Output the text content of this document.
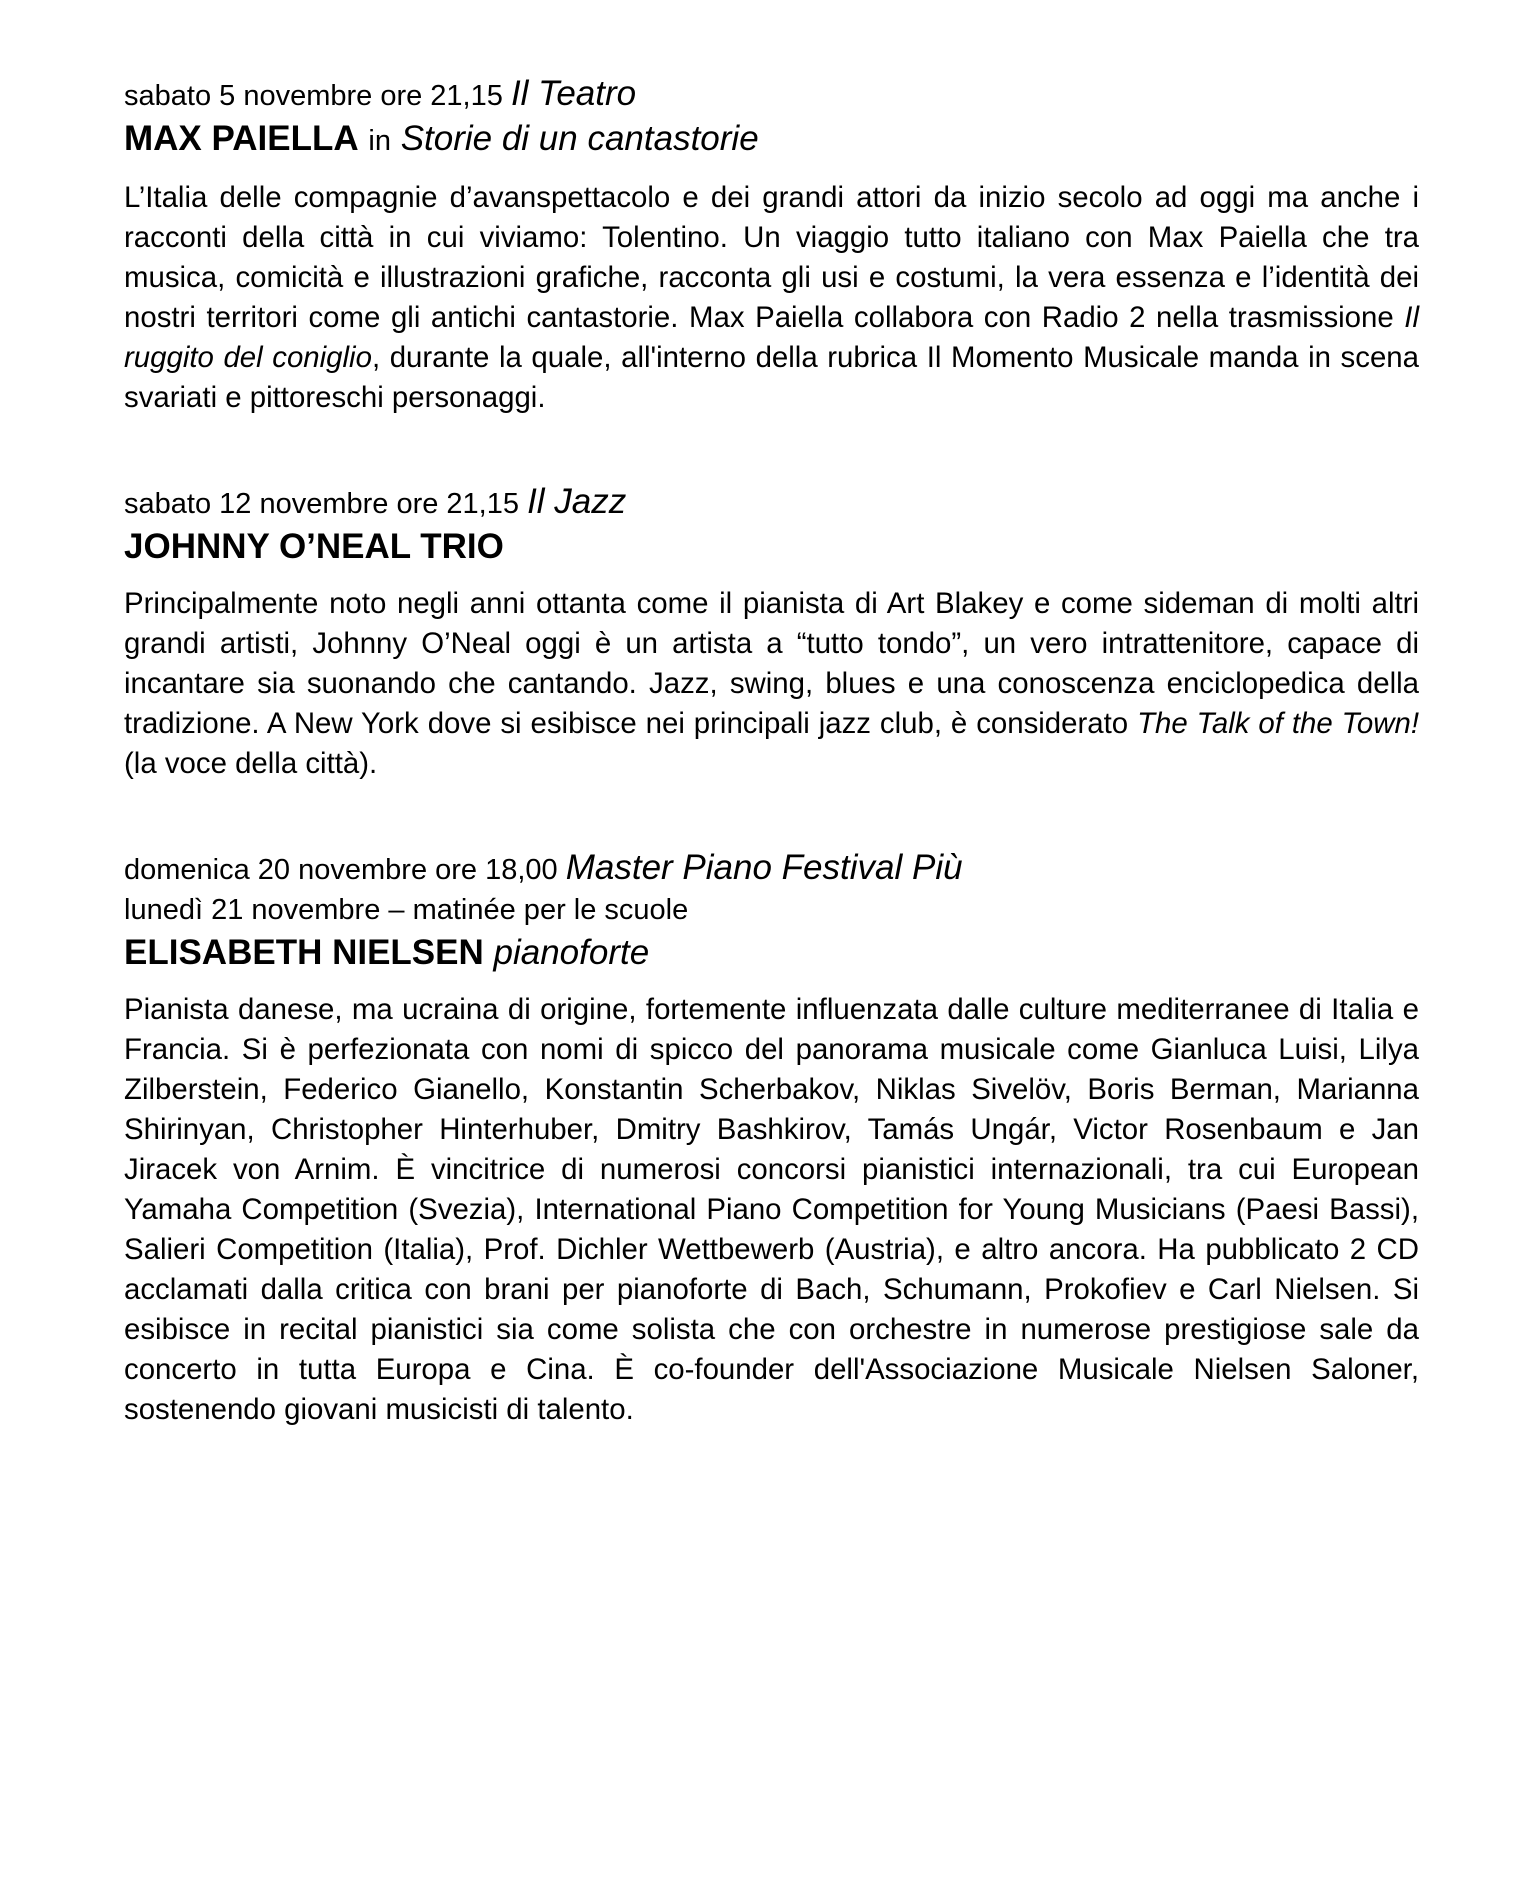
sabato 5 novembre ore 21,15 Il Teatro

MAX PAIELLA in Storie di un cantastorie

L’Italia delle compagnie d’avanspettacolo e dei grandi attori da inizio secolo ad oggi ma anche i racconti della città in cui viviamo: Tolentino. Un viaggio tutto italiano con Max Paiella che tra musica, comicità e illustrazioni grafiche, racconta gli usi e costumi, la vera essenza e l’identità dei nostri territori come gli antichi cantastorie. Max Paiella collabora con Radio 2 nella trasmissione Il ruggito del coniglio, durante la quale, all'interno della rubrica Il Momento Musicale manda in scena svariati e pittoreschi personaggi.

sabato 12 novembre ore 21,15 Il Jazz

JOHNNY O’NEAL TRIO

Principalmente noto negli anni ottanta come il pianista di Art Blakey e come sideman di molti altri grandi artisti, Johnny O’Neal oggi è un artista a “tutto tondo”, un vero intrattenitore, capace di incantare sia suonando che cantando. Jazz, swing, blues e una conoscenza enciclopedica della tradizione. A New York dove si esibisce nei principali jazz club, è considerato The Talk of the Town! (la voce della città).

domenica 20 novembre ore 18,00 Master Piano Festival Più

lunedì 21 novembre – matinée per le scuole

ELISABETH NIELSEN pianoforte

Pianista danese, ma ucraina di origine, fortemente influenzata dalle culture mediterranee di Italia e Francia. Si è perfezionata con nomi di spicco del panorama musicale come Gianluca Luisi, Lilya Zilberstein, Federico Gianello, Konstantin Scherbakov, Niklas Sivelöv, Boris Berman, Marianna Shirinyan, Christopher Hinterhuber, Dmitry Bashkirov, Tamás Ungár, Victor Rosenbaum e Jan Jiracek von Arnim. È vincitrice di numerosi concorsi pianistici internazionali, tra cui European Yamaha Competition (Svezia), International Piano Competition for Young Musicians (Paesi Bassi), Salieri Competition (Italia), Prof. Dichler Wettbewerb (Austria), e altro ancora. Ha pubblicato 2 CD acclamati dalla critica con brani per pianoforte di Bach, Schumann, Prokofiev e Carl Nielsen. Si esibisce in recital pianistici sia come solista che con orchestre in numerose prestigiose sale da concerto in tutta Europa e Cina. È co-founder dell'Associazione Musicale Nielsen Saloner, sostenendo giovani musicisti di talento.
